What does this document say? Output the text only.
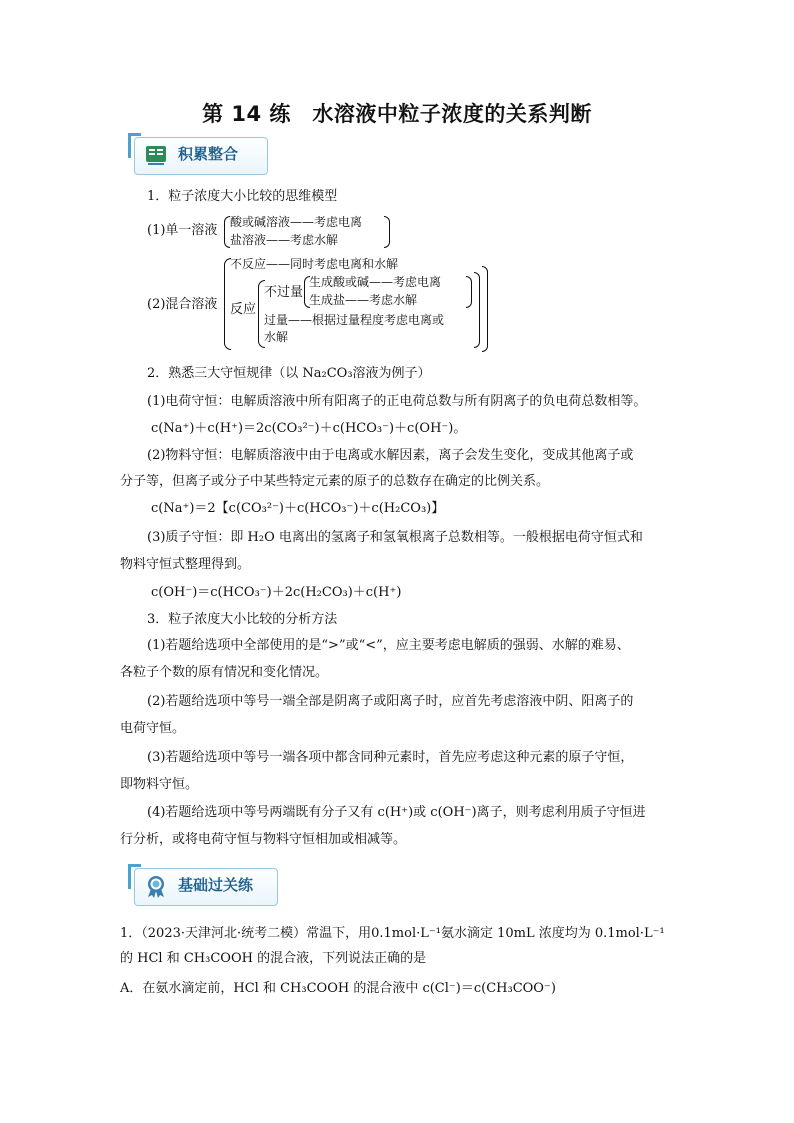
第 14 练　水溶液中粒子浓度的关系判断
积累整合
1．粒子浓度大小比较的思维模型
(1)单一溶液
酸或碱溶液——考虑电离
盐溶液——考虑水解
(2)混合溶液
不反应——同时考虑电离和水解
反应
不过量
生成酸或碱——考虑电离
生成盐——考虑水解
过量——根据过量程度考虑电离或
水解
2．熟悉三大守恒规律（以 Na₂CO₃溶液为例子）
(1)电荷守恒：电解质溶液中所有阳离子的正电荷总数与所有阴离子的负电荷总数相等。
c(Na⁺)＋c(H⁺)＝2c(CO₃²⁻)＋c(HCO₃⁻)＋c(OH⁻)。
(2)物料守恒：电解质溶液中由于电离或水解因素，离子会发生变化，变成其他离子或
分子等，但离子或分子中某些特定元素的原子的总数存在确定的比例关系。
c(Na⁺)＝2【c(CO₃²⁻)＋c(HCO₃⁻)＋c(H₂CO₃)】
(3)质子守恒：即 H₂O 电离出的氢离子和氢氧根离子总数相等。一般根据电荷守恒式和
物料守恒式整理得到。
c(OH⁻)＝c(HCO₃⁻)＋2c(H₂CO₃)＋c(H⁺)
3．粒子浓度大小比较的分析方法
(1)若题给选项中全部使用的是“>”或“<”，应主要考虑电解质的强弱、水解的难易、
各粒子个数的原有情况和变化情况。
(2)若题给选项中等号一端全部是阴离子或阳离子时，应首先考虑溶液中阴、阳离子的
电荷守恒。
(3)若题给选项中等号一端各项中都含同种元素时，首先应考虑这种元素的原子守恒，
即物料守恒。
(4)若题给选项中等号两端既有分子又有 c(H⁺)或 c(OH⁻)离子，则考虑利用质子守恒进
行分析，或将电荷守恒与物料守恒相加或相减等。
基础过关练
1．（2023·天津河北·统考二模）常温下，用0.1mol·L⁻¹氨水滴定 10mL 浓度均为 0.1mol·L⁻¹
的 HCl 和 CH₃COOH 的混合液，下列说法正确的是
A．在氨水滴定前，HCl 和 CH₃COOH 的混合液中 c(Cl⁻)＝c(CH₃COO⁻)
